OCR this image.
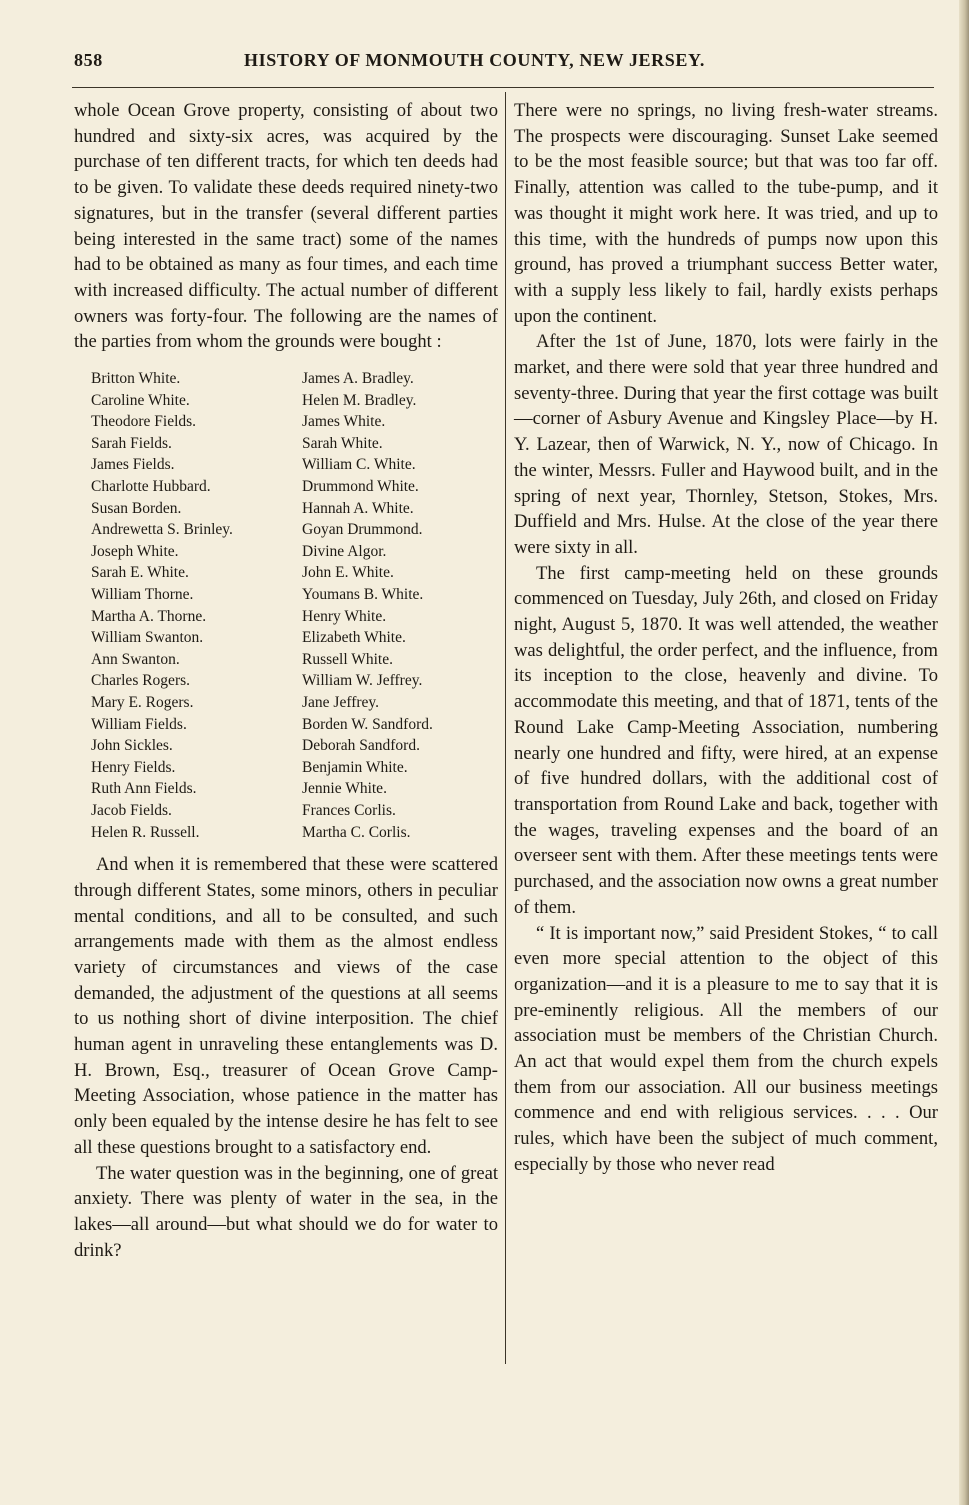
858	HISTORY OF MONMOUTH COUNTY, NEW JERSEY.

whole Ocean Grove property, consisting of about two hundred and sixty-six acres, was acquired by the purchase of ten different tracts, for which ten deeds had to be given. To validate these deeds required ninety-two signatures, but in the transfer (several different parties being interested in the same tract) some of the names had to be obtained as many as four times, and each time with increased difficulty. The actual number of different owners was forty-four. The following are the names of the parties from whom the grounds were bought :

Britton White.	James A. Bradley.
Caroline White.	Helen M. Bradley.
Theodore Fields.	James White.
Sarah Fields.	Sarah White.
James Fields.	William C. White.
Charlotte Hubbard.	Drummond White.
Susan Borden.	Hannah A. White.
Andrewetta S. Brinley.	Goyan Drummond.
Joseph White.	Divine Algor.
Sarah E. White.	John E. White.
William Thorne.	Youmans B. White.
Martha A. Thorne.	Henry White.
William Swanton.	Elizabeth White.
Ann Swanton.	Russell White.
Charles Rogers.	William W. Jeffrey.
Mary E. Rogers.	Jane Jeffrey.
William Fields.	Borden W. Sandford.
John Sickles.	Deborah Sandford.
Henry Fields.	Benjamin White.
Ruth Ann Fields.	Jennie White.
Jacob Fields.	Frances Corlis.
Helen R. Russell.	Martha C. Corlis.

And when it is remembered that these were scattered through different States, some minors, others in peculiar mental conditions, and all to be consulted, and such arrangements made with them as the almost endless variety of circumstances and views of the case demanded, the adjustment of the questions at all seems to us nothing short of divine interposition. The chief human agent in unraveling these entanglements was D. H. Brown, Esq., treasurer of Ocean Grove Camp-Meeting Association, whose patience in the matter has only been equaled by the intense desire he has felt to see all these questions brought to a satisfactory end.

The water question was in the beginning, one of great anxiety. There was plenty of water in the sea, in the lakes—all around—but what should we do for water to drink?

There were no springs, no living fresh-water streams. The prospects were discouraging. Sunset Lake seemed to be the most feasible source; but that was too far off. Finally, attention was called to the tube-pump, and it was thought it might work here. It was tried, and up to this time, with the hundreds of pumps now upon this ground, has proved a triumphant success Better water, with a supply less likely to fail, hardly exists perhaps upon the continent.

After the 1st of June, 1870, lots were fairly in the market, and there were sold that year three hundred and seventy-three. During that year the first cottage was built—corner of Asbury Avenue and Kingsley Place—by H. Y. Lazear, then of Warwick, N. Y., now of Chicago. In the winter, Messrs. Fuller and Haywood built, and in the spring of next year, Thornley, Stetson, Stokes, Mrs. Duffield and Mrs. Hulse. At the close of the year there were sixty in all.

The first camp-meeting held on these grounds commenced on Tuesday, July 26th, and closed on Friday night, August 5, 1870. It was well attended, the weather was delightful, the order perfect, and the influence, from its inception to the close, heavenly and divine. To accommodate this meeting, and that of 1871, tents of the Round Lake Camp-Meeting Association, numbering nearly one hundred and fifty, were hired, at an expense of five hundred dollars, with the additional cost of transportation from Round Lake and back, together with the wages, traveling expenses and the board of an overseer sent with them. After these meetings tents were purchased, and the association now owns a great number of them.

“ It is important now,” said President Stokes, “ to call even more special attention to the object of this organization—and it is a pleasure to me to say that it is pre-eminently religious. All the members of our association must be members of the Christian Church. An act that would expel them from the church expels them from our association. All our business meetings commence and end with religious services. . . . Our rules, which have been the subject of much comment, especially by those who never read
